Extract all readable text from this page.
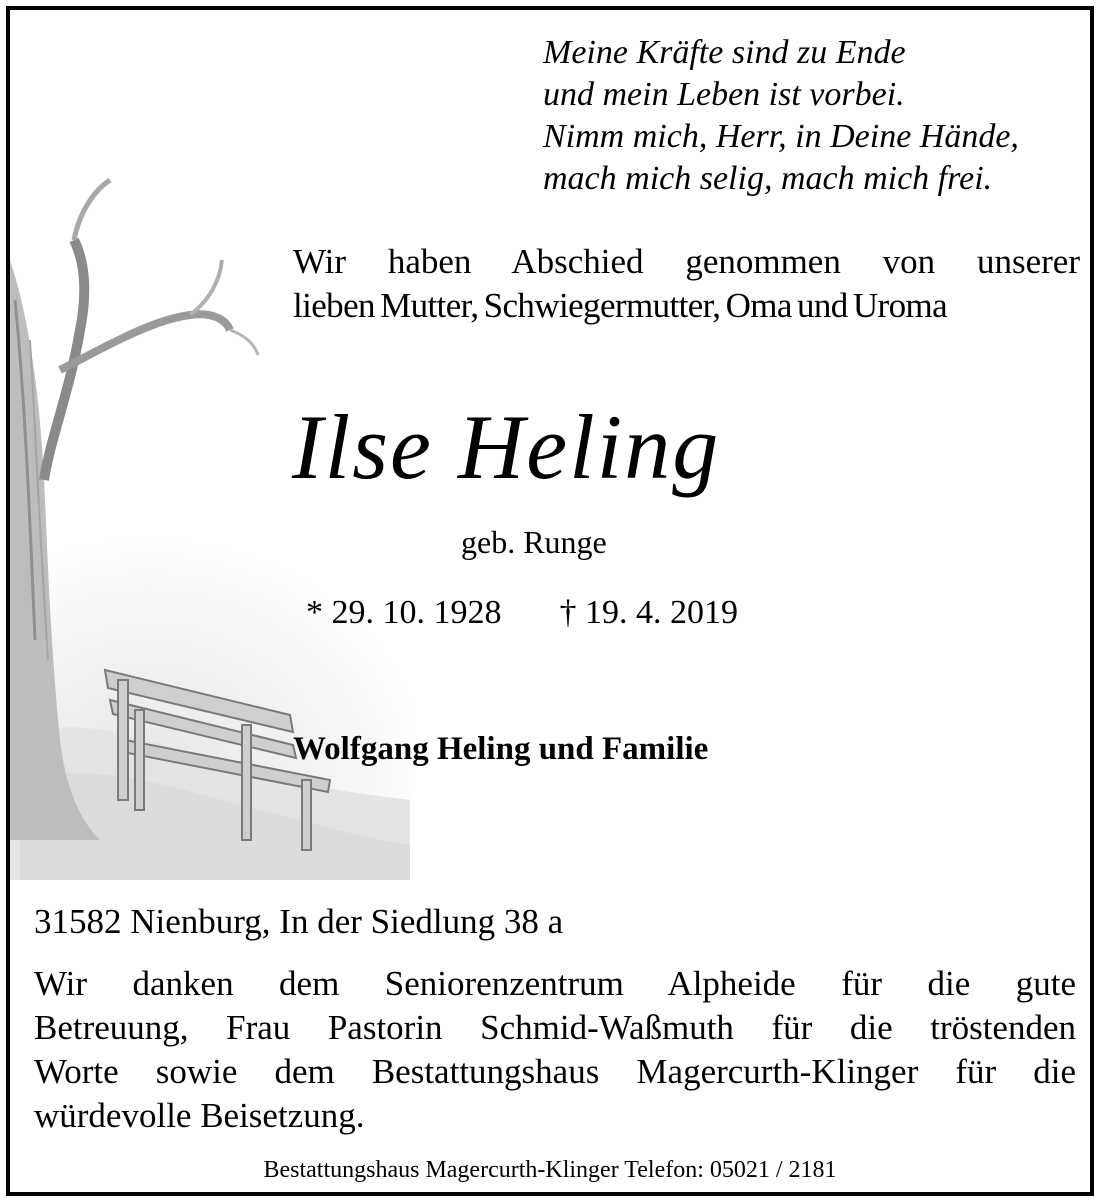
Meine Kräfte sind zu Ende
und mein Leben ist vorbei.
Nimm mich, Herr, in Deine Hände,
mach mich selig, mach mich frei.
Wir haben Abschied genommen von unserer
lieben Mutter, Schwiegermutter, Oma und Uroma
Ilse Heling
geb. Runge
* 29. 10. 1928 † 19. 4. 2019
Wolfgang Heling und Familie
31582 Nienburg, In der Siedlung 38 a
Wir danken dem Seniorenzentrum Alpheide für die gute
Betreuung, Frau Pastorin Schmid-Waßmuth für die tröstenden
Worte sowie dem Bestattungshaus Magercurth-Klinger für die
würdevolle Beisetzung.
Bestattungshaus Magercurth-Klinger Telefon: 05021 / 2181
